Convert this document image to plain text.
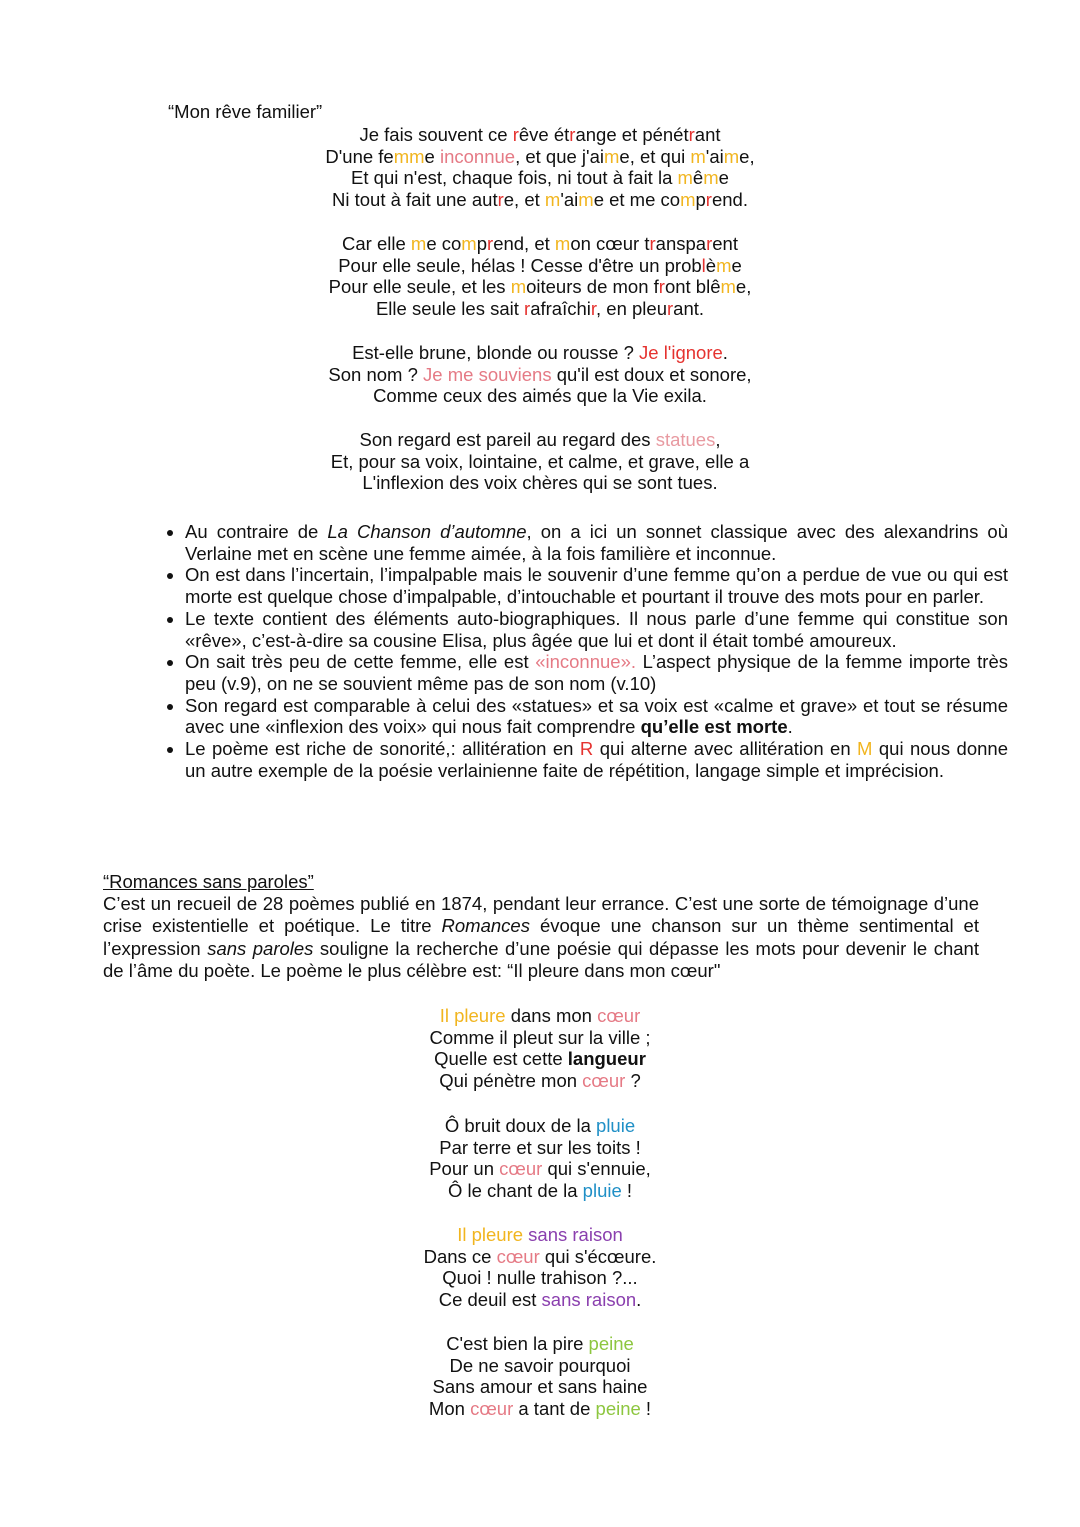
“Mon rêve familier”
Je fais souvent ce rêve étrange et pénétrant
D'une femme inconnue, et que j'aime, et qui m'aime,
Et qui n'est, chaque fois, ni tout à fait la même
Ni tout à fait une autre, et m'aime et me comprend.
Car elle me comprend, et mon cœur transparent
Pour elle seule, hélas ! Cesse d'être un problème
Pour elle seule, et les moiteurs de mon front blême,
Elle seule les sait rafraîchir, en pleurant.
Est-elle brune, blonde ou rousse ? Je l'ignore.
Son nom ? Je me souviens qu'il est doux et sonore,
Comme ceux des aimés que la Vie exila.
Son regard est pareil au regard des statues,
Et, pour sa voix, lointaine, et calme, et grave, elle a
L'inflexion des voix chères qui se sont tues.
• Au contraire de La Chanson d’automne, on a ici un sonnet classique avec des alexandrins où Verlaine met en scène une femme aimée, à la fois familière et inconnue.
• On est dans l’incertain, l’impalpable mais le souvenir d’une femme qu’on a perdue de vue ou qui est morte est quelque chose d’impalpable, d’intouchable et pourtant il trouve des mots pour en parler.
• Le texte contient des éléments auto-biographiques. Il nous parle d’une femme qui constitue son «rêve», c’est-à-dire sa cousine Elisa, plus âgée que lui et dont il était tombé amoureux.
• On sait très peu de cette femme, elle est «inconnue». L’aspect physique de la femme importe très peu (v.9), on ne se souvient même pas de son nom (v.10)
• Son regard est comparable à celui des «statues» et sa voix est «calme et grave» et tout se résume avec une «inflexion des voix» qui nous fait comprendre qu’elle est morte.
• Le poème est riche de sonorité,: allitération en R qui alterne avec allitération en M qui nous donne un autre exemple de la poésie verlainienne faite de répétition, langage simple et imprécision.
“Romances sans paroles”

C’est un recueil de 28 poèmes publié en 1874, pendant leur errance. C’est une sorte de témoignage d’une crise existentielle et poétique. Le titre Romances évoque une chanson sur un thème sentimental et l’expression sans paroles souligne la recherche d’une poésie qui dépasse les mots pour devenir le chant de l’âme du poète. Le poème le plus célèbre est: “Il pleure dans mon cœur"

Il pleure dans mon cœur
Comme il pleut sur la ville ;
Quelle est cette langueur
Qui pénètre mon cœur ?
Ô bruit doux de la pluie
Par terre et sur les toits !
Pour un cœur qui s'ennuie,
Ô le chant de la pluie !
Il pleure sans raison
Dans ce cœur qui s'écœure.
Quoi ! nulle trahison ?...
Ce deuil est sans raison.
C'est bien la pire peine
De ne savoir pourquoi
Sans amour et sans haine
Mon cœur a tant de peine !
